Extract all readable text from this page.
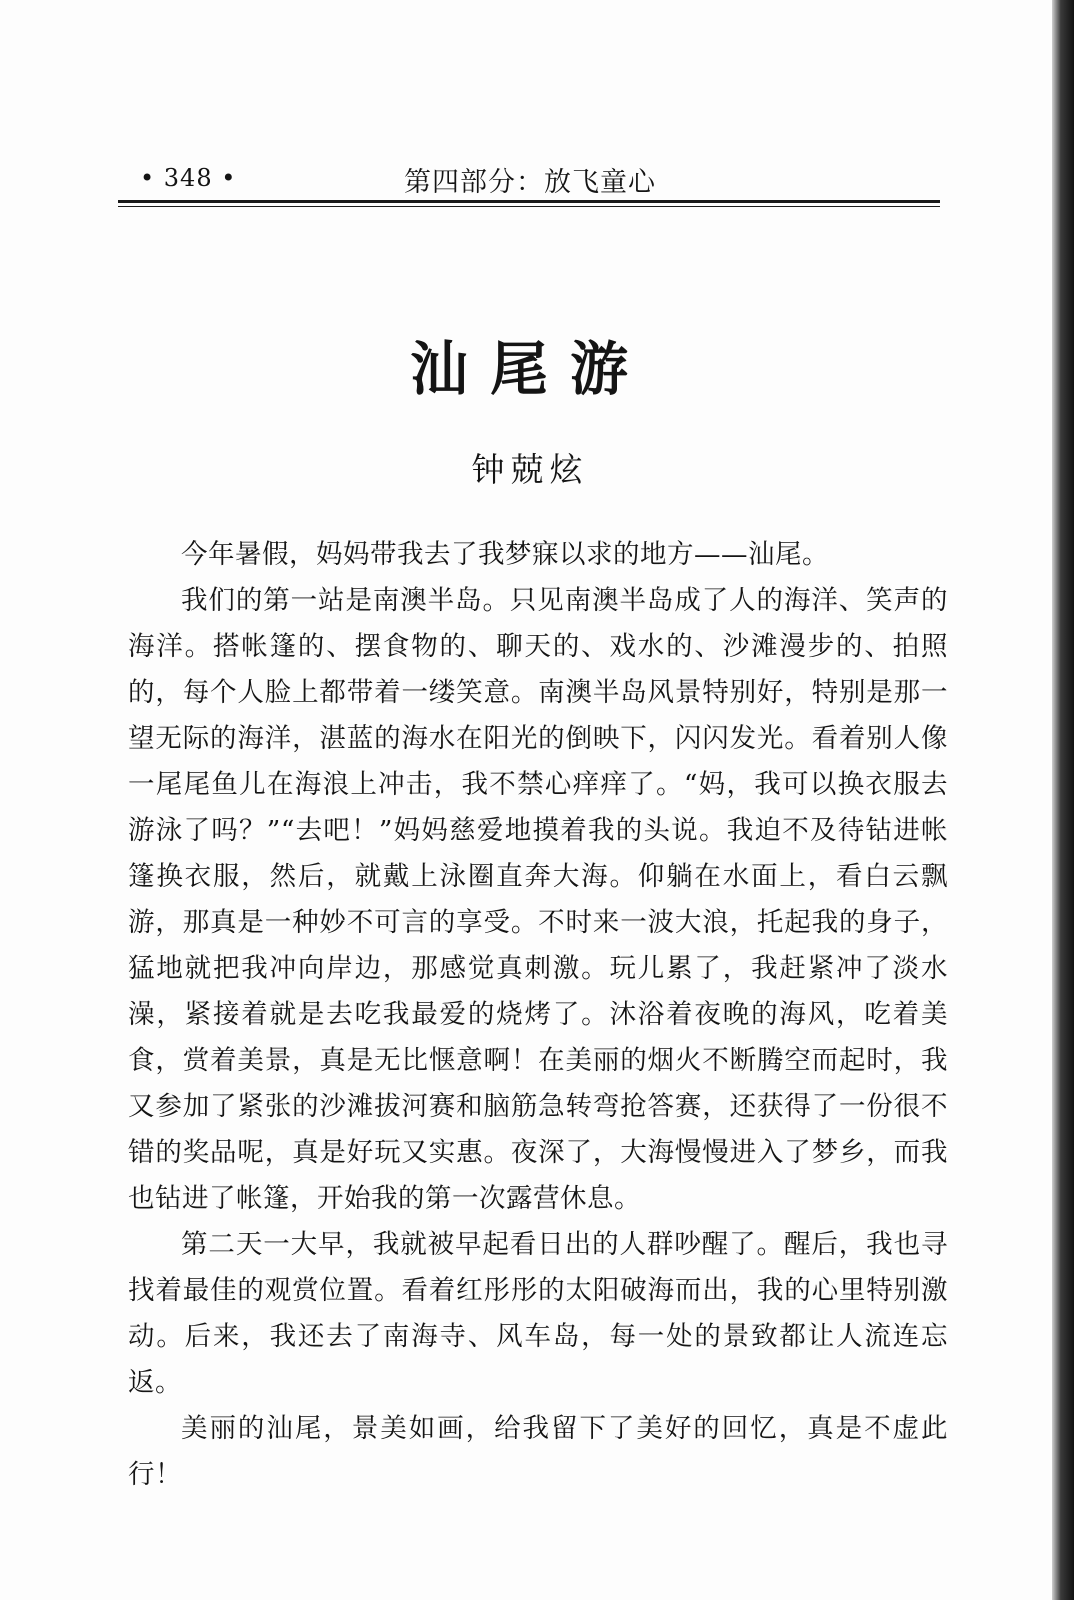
• 348 •	第四部分：放飞童心
汕尾游
钟兢炫

今年暑假，妈妈带我去了我梦寐以求的地方——汕尾。

我们的第一站是南澳半岛。只见南澳半岛成了人的海洋、笑声的海洋。搭帐篷的、摆食物的、聊天的、戏水的、沙滩漫步的、拍照的，每个人脸上都带着一缕笑意。南澳半岛风景特别好，特别是那一望无际的海洋，湛蓝的海水在阳光的倒映下，闪闪发光。看着别人像一尾尾鱼儿在海浪上冲击，我不禁心痒痒了。“妈，我可以换衣服去游泳了吗？”“去吧！”妈妈慈爱地摸着我的头说。我迫不及待钻进帐篷换衣服，然后，就戴上泳圈直奔大海。仰躺在水面上，看白云飘游，那真是一种妙不可言的享受。不时来一波大浪，托起我的身子，猛地就把我冲向岸边，那感觉真刺激。玩儿累了，我赶紧冲了淡水澡，紧接着就是去吃我最爱的烧烤了。沐浴着夜晚的海风，吃着美食，赏着美景，真是无比惬意啊！在美丽的烟火不断腾空而起时，我又参加了紧张的沙滩拔河赛和脑筋急转弯抢答赛，还获得了一份很不错的奖品呢，真是好玩又实惠。夜深了，大海慢慢进入了梦乡，而我也钻进了帐篷，开始我的第一次露营休息。

第二天一大早，我就被早起看日出的人群吵醒了。醒后，我也寻找着最佳的观赏位置。看着红彤彤的太阳破海而出，我的心里特别激动。后来，我还去了南海寺、风车岛，每一处的景致都让人流连忘返。

美丽的汕尾，景美如画，给我留下了美好的回忆，真是不虚此行！
